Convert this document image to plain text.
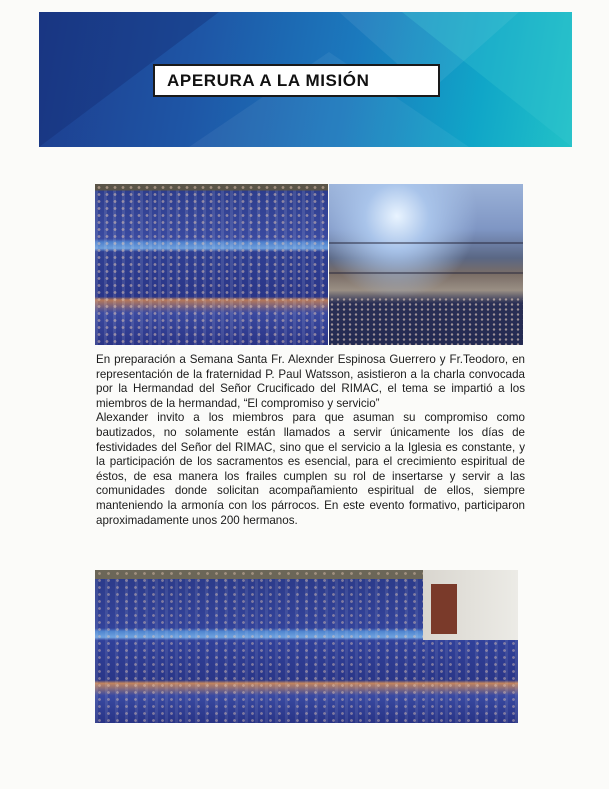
APERURA A LA MISIÓN

En preparación a Semana Santa Fr. Alexnder Espinosa Guerrero y Fr.Teodoro, en representación de la fraternidad P. Paul Watsson, asistieron a la charla convocada por la Hermandad del Señor Crucificado del RIMAC, el tema se impartió a los miembros de la hermandad, “El compromiso y servicio”

Alexander invito a los miembros para que asuman su compromiso como bautizados, no solamente están llamados a servir únicamente los días de festividades del Señor del RIMAC, sino que el servicio a la Iglesia es constante, y la participación de los sacramentos es esencial, para el crecimiento espiritual de éstos, de esa manera los frailes cumplen su rol de insertarse y servir a las comunidades donde solicitan acompañamiento espiritual de ellos, siempre manteniendo la armonía con los párrocos. En este evento formativo, participaron aproximadamente unos 200 hermanos.
